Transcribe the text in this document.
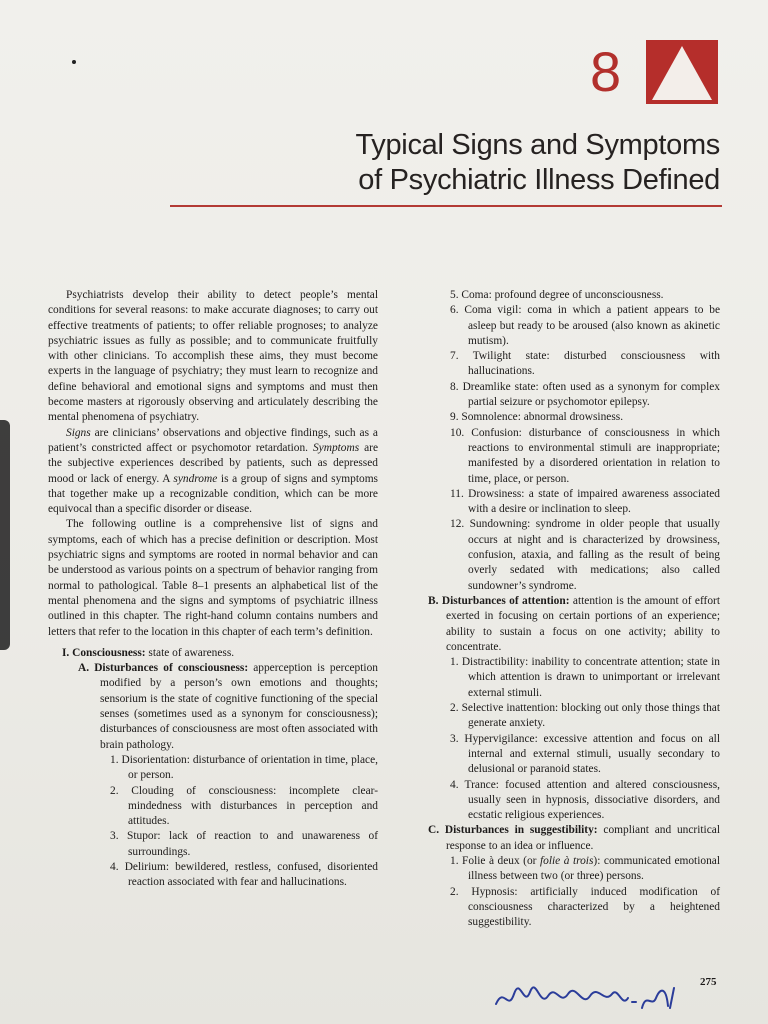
8
Typical Signs and Symptoms
of Psychiatric Illness Defined

Psychiatrists develop their ability to detect people’s mental conditions for several reasons: to make accurate diagnoses; to carry out effective treatments of patients; to offer reliable prognoses; to analyze psychiatric issues as fully as possible; and to communicate fruitfully with other clinicians. To accomplish these aims, they must become experts in the language of psychiatry; they must learn to recognize and define behavioral and emotional signs and symptoms and must then become masters at rigorously observing and articulately describing the mental phenomena of psychiatry.

Signs are clinicians’ observations and objective findings, such as a patient’s constricted affect or psychomotor retardation. Symptoms are the subjective experiences described by patients, such as depressed mood or lack of energy. A syndrome is a group of signs and symptoms that together make up a recognizable condition, which can be more equivocal than a specific disorder or disease.

The following outline is a comprehensive list of signs and symptoms, each of which has a precise definition or description. Most psychiatric signs and symptoms are rooted in normal behavior and can be understood as various points on a spectrum of behavior ranging from normal to pathological. Table 8–1 presents an alphabetical list of the mental phenomena and the signs and symptoms of psychiatric illness outlined in this chapter. The right-hand column contains numbers and letters that refer to the location in this chapter of each term’s definition.

I. Consciousness: state of awareness.
A. Disturbances of consciousness: apperception is perception modified by a person’s own emotions and thoughts; sensorium is the state of cognitive functioning of the special senses (sometimes used as a synonym for consciousness); disturbances of consciousness are most often associated with brain pathology.
1. Disorientation: disturbance of orientation in time, place, or person.
2. Clouding of consciousness: incomplete clear-mindedness with disturbances in perception and attitudes.
3. Stupor: lack of reaction to and unawareness of surroundings.
4. Delirium: bewildered, restless, confused, disoriented reaction associated with fear and hallucinations.
5. Coma: profound degree of unconsciousness.
6. Coma vigil: coma in which a patient appears to be asleep but ready to be aroused (also known as akinetic mutism).
7. Twilight state: disturbed consciousness with hallucinations.
8. Dreamlike state: often used as a synonym for complex partial seizure or psychomotor epilepsy.
9. Somnolence: abnormal drowsiness.
10. Confusion: disturbance of consciousness in which reactions to environmental stimuli are inappropriate; manifested by a disordered orientation in relation to time, place, or person.
11. Drowsiness: a state of impaired awareness associated with a desire or inclination to sleep.
12. Sundowning: syndrome in older people that usually occurs at night and is characterized by drowsiness, confusion, ataxia, and falling as the result of being overly sedated with medications; also called sundowner’s syndrome.
B. Disturbances of attention: attention is the amount of effort exerted in focusing on certain portions of an experience; ability to sustain a focus on one activity; ability to concentrate.
1. Distractibility: inability to concentrate attention; state in which attention is drawn to unimportant or irrelevant external stimuli.
2. Selective inattention: blocking out only those things that generate anxiety.
3. Hypervigilance: excessive attention and focus on all internal and external stimuli, usually secondary to delusional or paranoid states.
4. Trance: focused attention and altered consciousness, usually seen in hypnosis, dissociative disorders, and ecstatic religious experiences.
C. Disturbances in suggestibility: compliant and uncritical response to an idea or influence.
1. Folie à deux (or folie à trois): communicated emotional illness between two (or three) persons.
2. Hypnosis: artificially induced modification of consciousness characterized by a heightened suggestibility.
275
